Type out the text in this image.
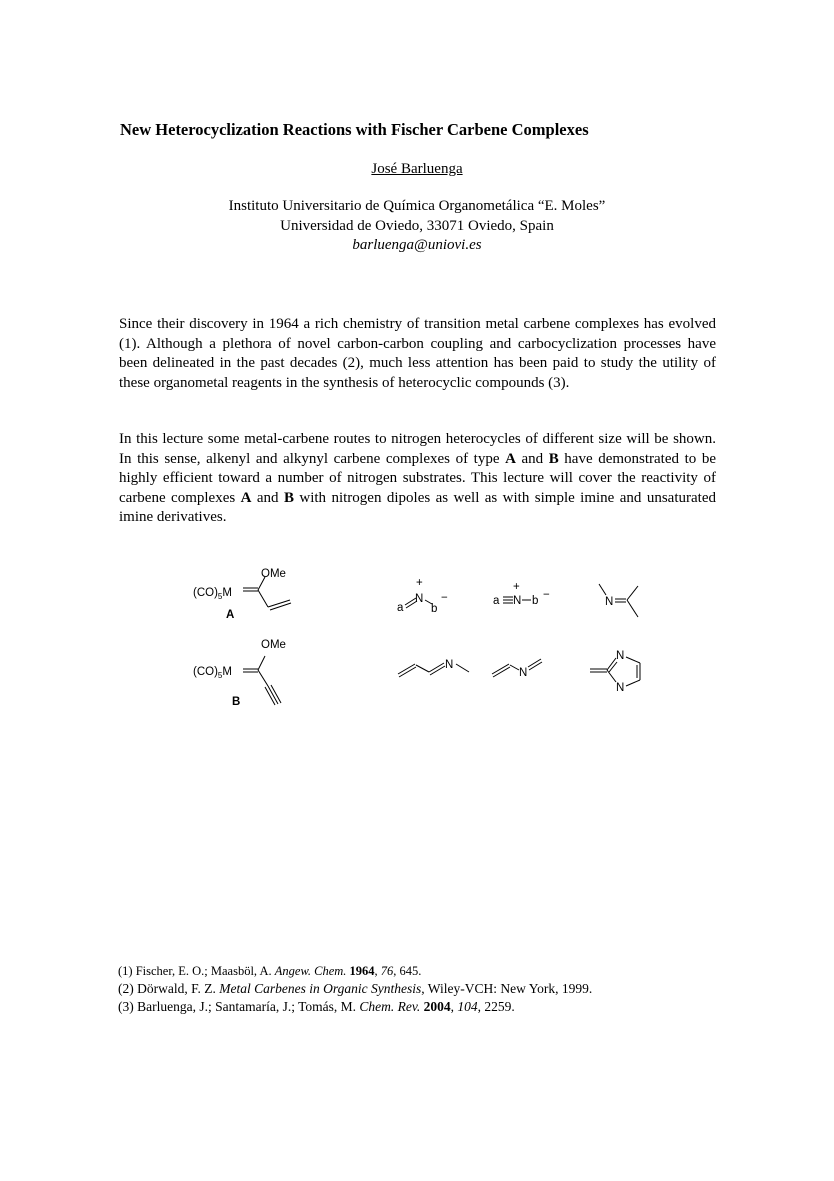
New Heterocyclization Reactions with Fischer Carbene Complexes
José Barluenga
Instituto Universitario de Química Organometálica “E. Moles”
Universidad de Oviedo, 33071 Oviedo, Spain
barluenga@uniovi.es
Since their discovery in 1964 a rich chemistry of transition metal carbene complexes has evolved (1). Although a plethora of novel carbon-carbon coupling and carbocyclization processes have been delineated in the past decades (2), much less attention has been paid to study the utility of these organometal reagents in the synthesis of heterocyclic compounds (3).
In this lecture some metal-carbene routes to nitrogen heterocycles of different size will be shown. In this sense, alkenyl and alkynyl carbene complexes of type A and B have demonstrated to be highly efficient toward a number of nitrogen substrates. This lecture will cover the reactivity of carbene complexes A and B with nitrogen dipoles as well as with simple imine and unsaturated imine derivatives.
$(CO)_5M$
OMe
A
$(CO)_5M$
OMe
B
+
a
N
b
−
+
a N b −
N
N
N
N
N
(1) Fischer, E. O.; Maasböl, A. Angew. Chem. 1964, 76, 645.
(2) Dörwald, F. Z. Metal Carbenes in Organic Synthesis, Wiley-VCH: New York, 1999.
(3) Barluenga, J.; Santamaría, J.; Tomás, M. Chem. Rev. 2004, 104, 2259.
